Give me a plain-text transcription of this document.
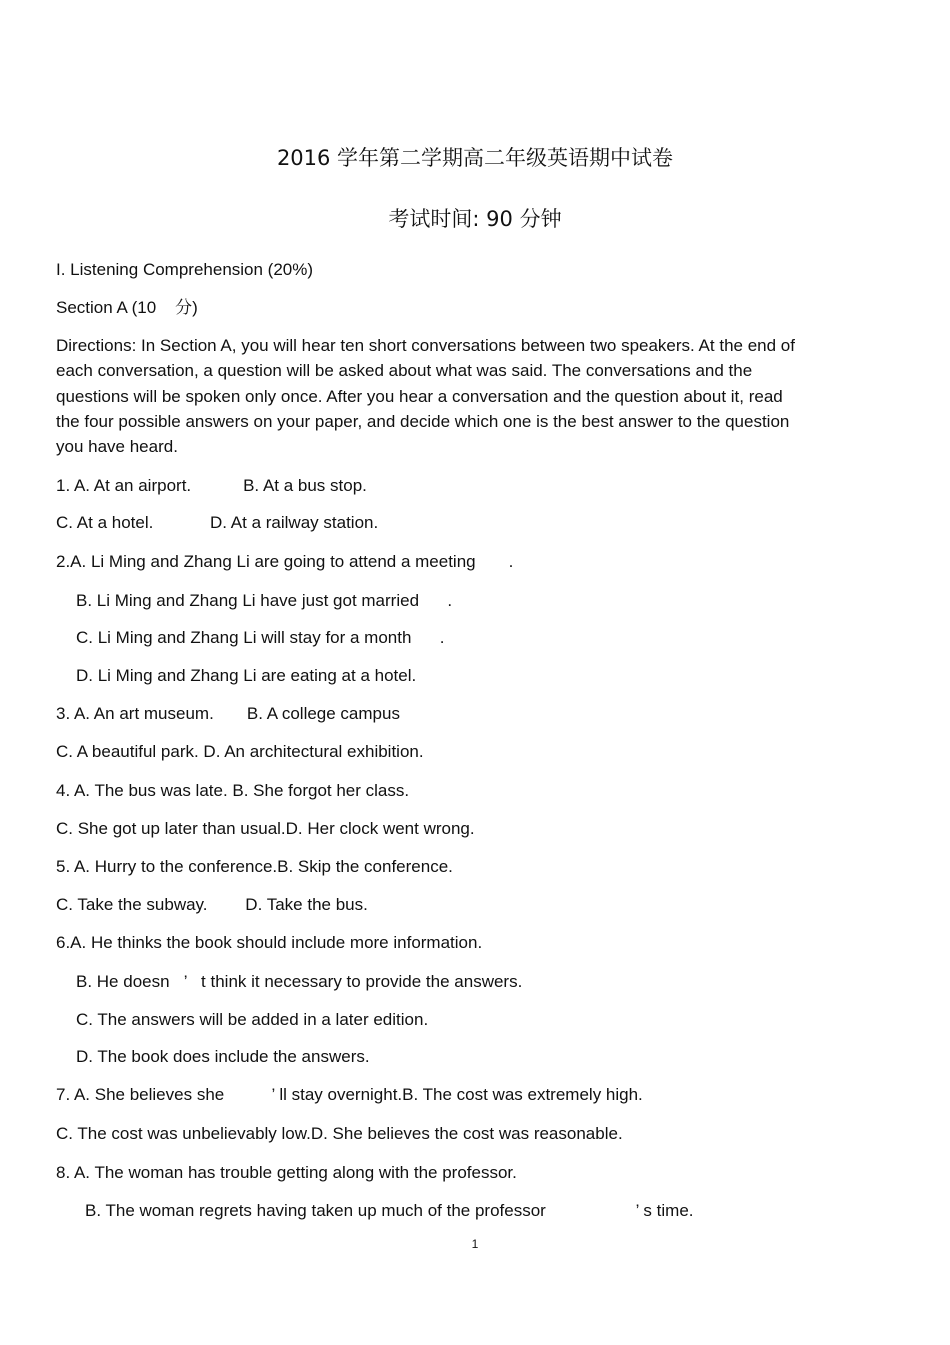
2016 学年第二学期高二年级英语期中试卷
考试时间: 90 分钟
I. Listening Comprehension (20%)
Section A (10    分)
Directions: In Section A, you will hear ten short conversations between two speakers. At the end of each conversation, a question will be asked about what was said. The conversations and the questions will be spoken only once. After you hear a conversation and the question about it, read the four possible answers on your paper, and decide which one is the best answer to the question you have heard.
1. A. At an airport.           B. At a bus stop.
C. At a hotel.            D. At a railway station.
2.A. Li Ming and Zhang Li are going to attend a meeting       .
B. Li Ming and Zhang Li have just got married      .
C. Li Ming and Zhang Li will stay for a month      .
D. Li Ming and Zhang Li are eating at a hotel.
3. A. An art museum.       B. A college campus
C. A beautiful park. D. An architectural exhibition.
4. A. The bus was late. B. She forgot her class.
C. She got up later than usual.D. Her clock went wrong.
5. A. Hurry to the conference.B. Skip the conference.
C. Take the subway.        D. Take the bus.
6.A. He thinks the book should include more information.
B. He doesn   ’   t think it necessary to provide the answers.
C. The answers will be added in a later edition.
D. The book does include the answers.
7. A. She believes she          ’ ll stay overnight.B. The cost was extremely high.
C. The cost was unbelievably low.D. She believes the cost was reasonable.
8. A. The woman has trouble getting along with the professor.
B. The woman regrets having taken up much of the professor                   ’ s time.
1
